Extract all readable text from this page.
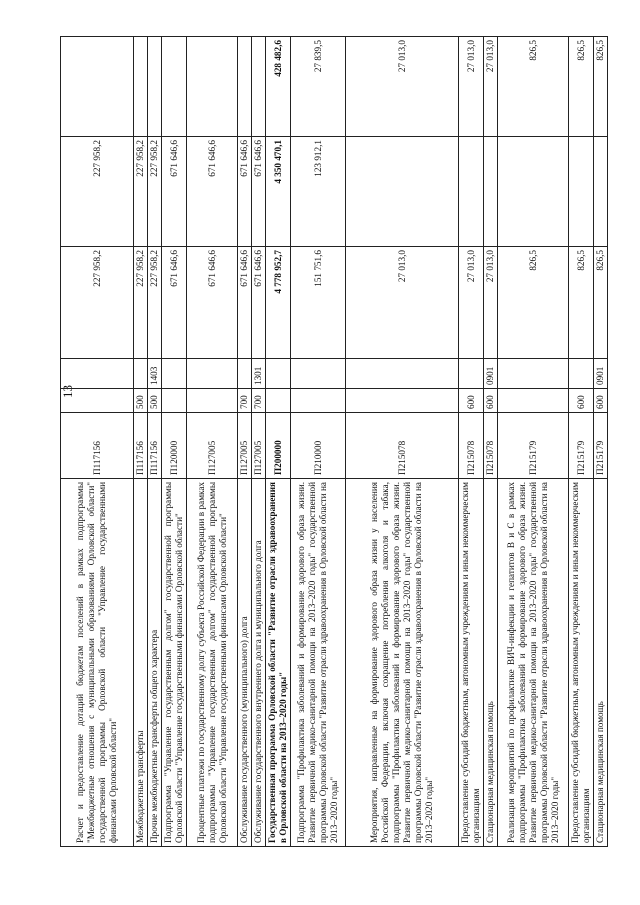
13
Расчет и предоставление дотаций бюджетам поселений в рамках подпрограммы "Межбюджетные отношения с муниципальными образованиями Орловской области" государственной программы Орловской области "Управление государственными финансами Орловской области"	П117156			227 958,2	227 958,2	
Межбюджетные трансферты	П117156	500		227 958,2	227 958,2	
Прочие межбюджетные трансферты общего характера	П117156	500	1403	227 958,2	227 958,2	
Подпрограмма "Управление государственным долгом" государственной программы Орловской области "Управление государственными финансами Орловской области"	П120000			671 646,6	671 646,6	
Процентные платежи по государственному долгу субъекта Российской Федерации в рамках подпрограммы "Управление государственным долгом" государственной программы Орловской области "Управление государственными финансами Орловской области"	П127005			671 646,6	671 646,6	
Обслуживание государственного (муниципального) долга	П127005	700		671 646,6	671 646,6	
Обслуживание государственного внутреннего долга и муниципального долга	П127005	700	1301	671 646,6	671 646,6	
Государственная программа Орловской области "Развитие отрасли здравоохранения в Орловской области на 2013–2020 годы"	П200000			4 778 952,7	4 350 470,1	428 482,6
Подпрограмма "Профилактика заболеваний и формирование здорового образа жизни. Развитие первичной медико-санитарной помощи на 2013–2020 годы" государственной программы Орловской области "Развитие отрасли здравоохранения в Орловской области на 2013–2020 годы"	П210000			151 751,6	123 912,1	27 839,5
Мероприятия, направленные на формирование здорового образа жизни у населения Российской Федерации, включая сокращение потребления алкоголя и табака, подпрограммы "Профилактика заболеваний и формирование здорового образа жизни. Развитие первичной медико-санитарной помощи на 2013–2020 годы" государственной программы Орловской области "Развитие отрасли здравоохранения в Орловской области на 2013–2020 годы"	П215078			27 013,0		27 013,0
Предоставление субсидий бюджетным, автономным учреждениям и иным некоммерческим организациям	П215078	600		27 013,0		27 013,0
Стационарная медицинская помощь	П215078	600	0901	27 013,0		27 013,0
Реализация мероприятий по профилактике ВИЧ-инфекции и гепатитов B и C в рамках подпрограммы "Профилактика заболеваний и формирование здорового образа жизни. Развитие первичной медико-санитарной помощи на 2013–2020 годы" государственной программы Орловской области "Развитие отрасли здравоохранения в Орловской области на 2013–2020 годы"	П215179			826,5		826,5
Предоставление субсидий бюджетным, автономным учреждениям и иным некоммерческим организациям	П215179	600		826,5		826,5
Стационарная медицинская помощь	П215179	600	0901	826,5		826,5
